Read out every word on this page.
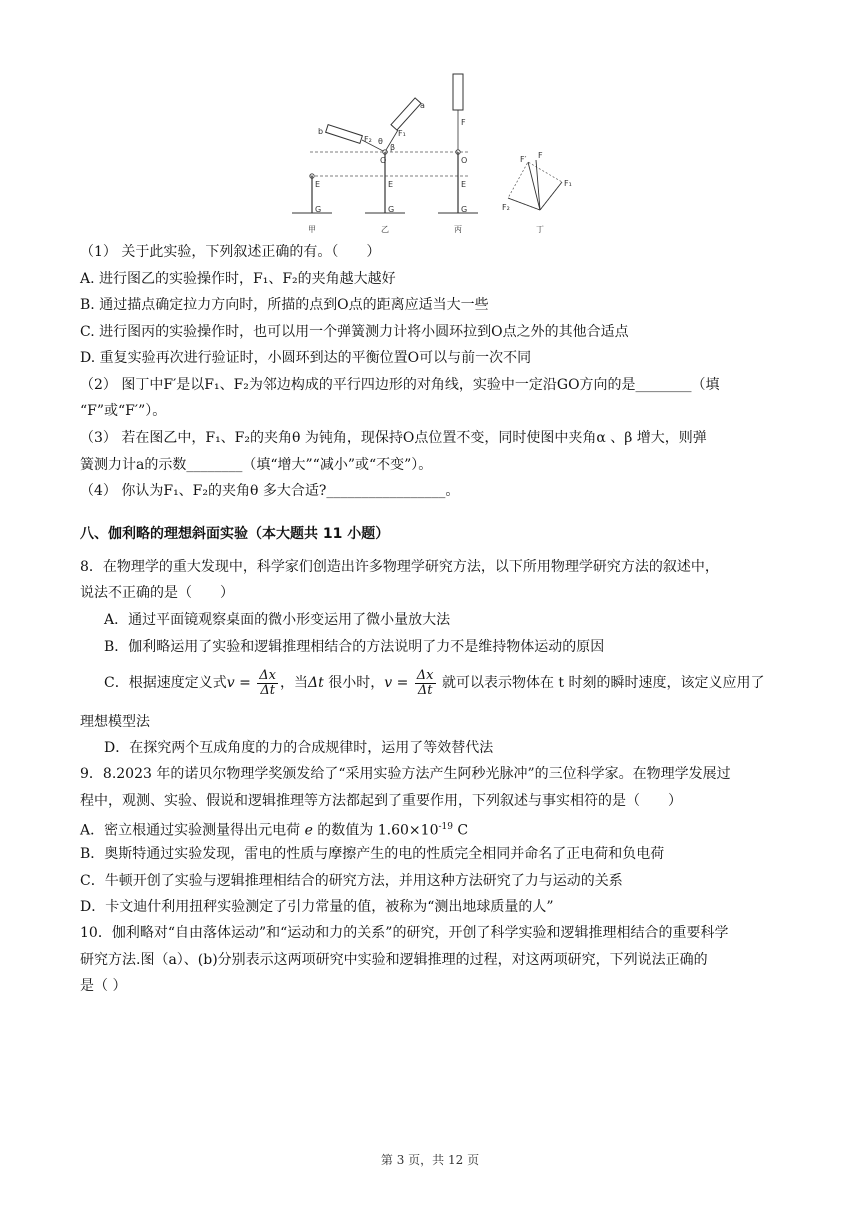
E
G
甲
b
a
F₂
F₁
θ
β
O
E
G
乙
F
O
E
G
丙
F₂
F₁
F′ F
丁
（1） 关于此实验，下列叙述正确的有。（　　）
A. 进行图乙的实验操作时，F₁、F₂的夹角越大越好
B. 通过描点确定拉力方向时，所描的点到O点的距离应适当大一些
C. 进行图丙的实验操作时，也可以用一个弹簧测力计将小圆环拉到O点之外的其他合适点
D. 重复实验再次进行验证时，小圆环到达的平衡位置O可以与前一次不同
（2） 图丁中F′是以F₁、F₂为邻边构成的平行四边形的对角线，实验中一定沿GO方向的是________（填
“F”或“F′”）。
（3） 若在图乙中，F₁、F₂的夹角θ 为钝角，现保持O点位置不变，同时使图中夹角α 、β 增大，则弹
簧测力计a的示数________（填“增大”“减小”或“不变”）。
（4） 你认为F₁、F₂的夹角θ 多大合适?_________________。
八、伽利略的理想斜面实验（本大题共 11 小题）
8．在物理学的重大发现中，科学家们创造出许多物理学研究方法，以下所用物理学研究方法的叙述中，
说法不正确的是（　　）
A．通过平面镜观察桌面的微小形变运用了微小量放大法
B．伽利略运用了实验和逻辑推理相结合的方法说明了力不是维持物体运动的原因
C．根据速度定义式$v = \frac{\Delta x}{\Delta t}$ ，当Δt 很小时，$v = \frac{\Delta x}{\Delta t}$ 就可以表示物体在 t 时刻的瞬时速度，该定义应用了
理想模型法
D．在探究两个互成角度的力的合成规律时，运用了等效替代法
9．8.2023 年的诺贝尔物理学奖颁发给了“采用实验方法产生阿秒光脉冲”的三位科学家。在物理学发展过
程中，观测、实验、假说和逻辑推理等方法都起到了重要作用，下列叙述与事实相符的是（　　）
A．密立根通过实验测量得出元电荷 e 的数值为 $1.60\times 10^{-19}$ C
B．奥斯特通过实验发现，雷电的性质与摩擦产生的电的性质完全相同并命名了正电荷和负电荷
C．牛顿开创了实验与逻辑推理相结合的研究方法，并用这种方法研究了力与运动的关系
D．卡文迪什利用扭秤实验测定了引力常量的值，被称为“测出地球质量的人”
10．伽利略对“自由落体运动”和“运动和力的关系”的研究，开创了科学实验和逻辑推理相结合的重要科学
研究方法.图（a）、(b)分别表示这两项研究中实验和逻辑推理的过程，对这两项研究，下列说法正确的
是（ ）
第 3 页，共 12 页
